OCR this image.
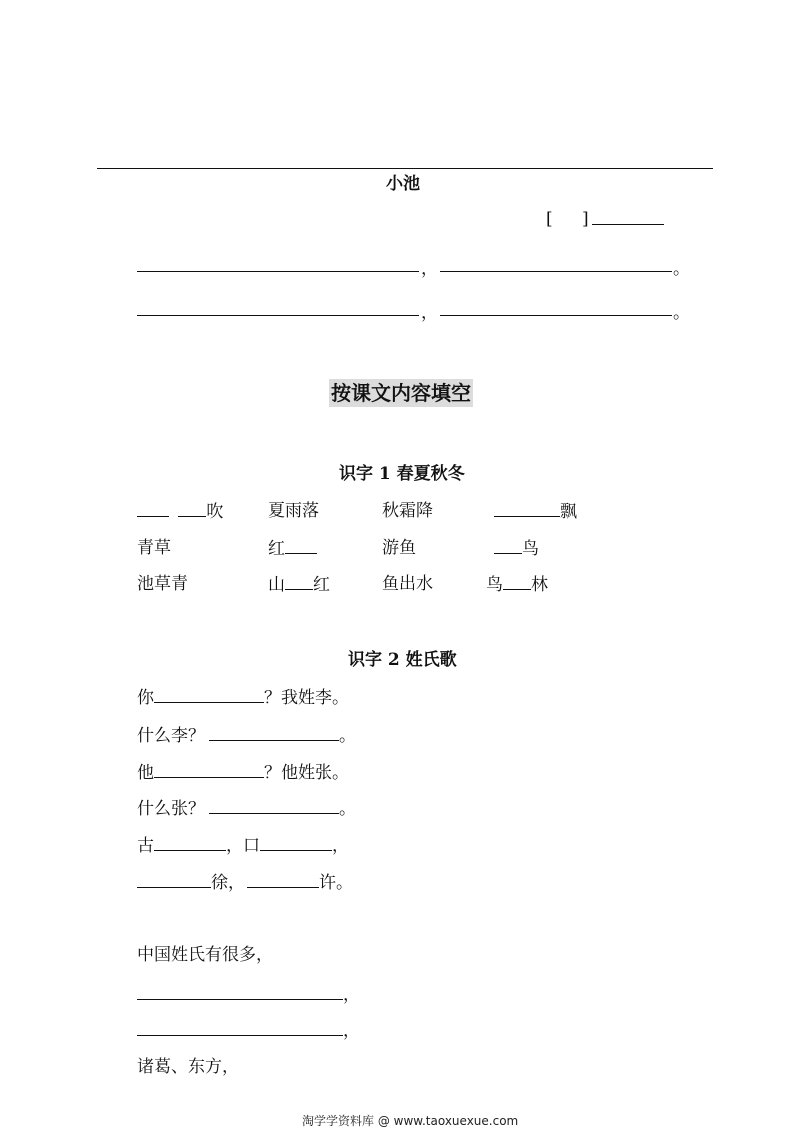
小池
[ ]
，	。
，	。
按课文内容填空
识字 1 春夏秋冬
吹	夏雨落	秋霜降	飘
青草	红	游鱼	鸟
池草青	山 红	鱼出水	鸟 林
识字 2 姓氏歌
你	？我姓李。
什么李？	。
他	？他姓张。
什么张？	。
古	，口	，
徐，	许。
中国姓氏有很多，
，
，
诸葛、东方，
淘学学资料库 @ www.taoxuexue.com
